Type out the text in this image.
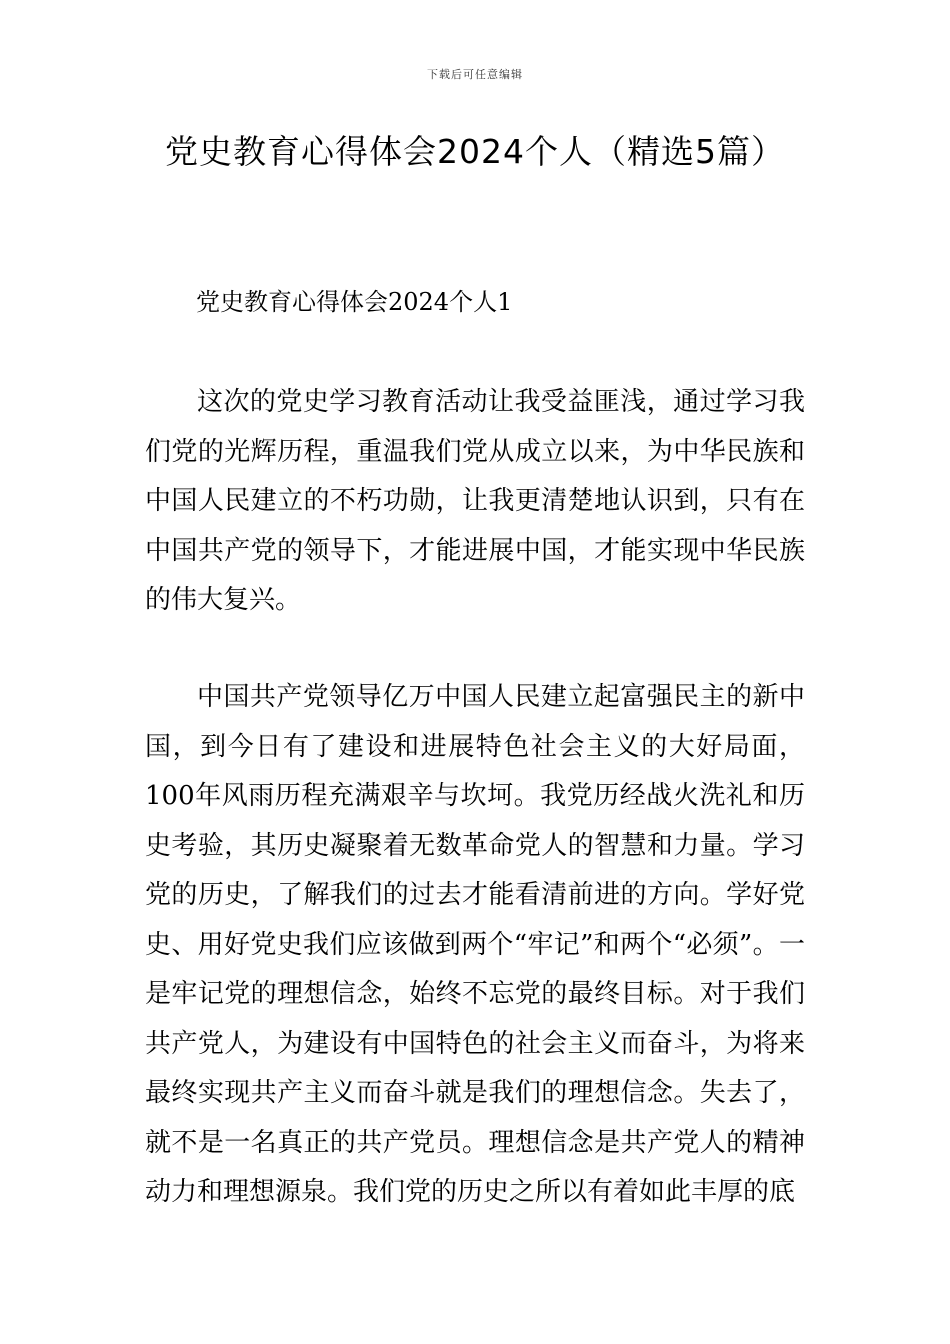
下载后可任意编辑
党史教育心得体会2024个人（精选5篇）
党史教育心得体会2024个人1

这次的党史学习教育活动让我受益匪浅，通过学习我们党的光辉历程，重温我们党从成立以来，为中华民族和中国人民建立的不朽功勋，让我更清楚地认识到，只有在中国共产党的领导下，才能进展中国，才能实现中华民族的伟大复兴。

中国共产党领导亿万中国人民建立起富强民主的新中国，到今日有了建设和进展特色社会主义的大好局面，100年风雨历程充满艰辛与坎坷。我党历经战火洗礼和历史考验，其历史凝聚着无数革命党人的智慧和力量。学习党的历史，了解我们的过去才能看清前进的方向。学好党史、用好党史我们应该做到两个“牢记”和两个“必须”。一是牢记党的理想信念，始终不忘党的最终目标。对于我们共产党人，为建设有中国特色的社会主义而奋斗，为将来最终实现共产主义而奋斗就是我们的理想信念。失去了，就不是一名真正的共产党员。理想信念是共产党人的精神动力和理想源泉。我们党的历史之所以有着如此丰厚的底
